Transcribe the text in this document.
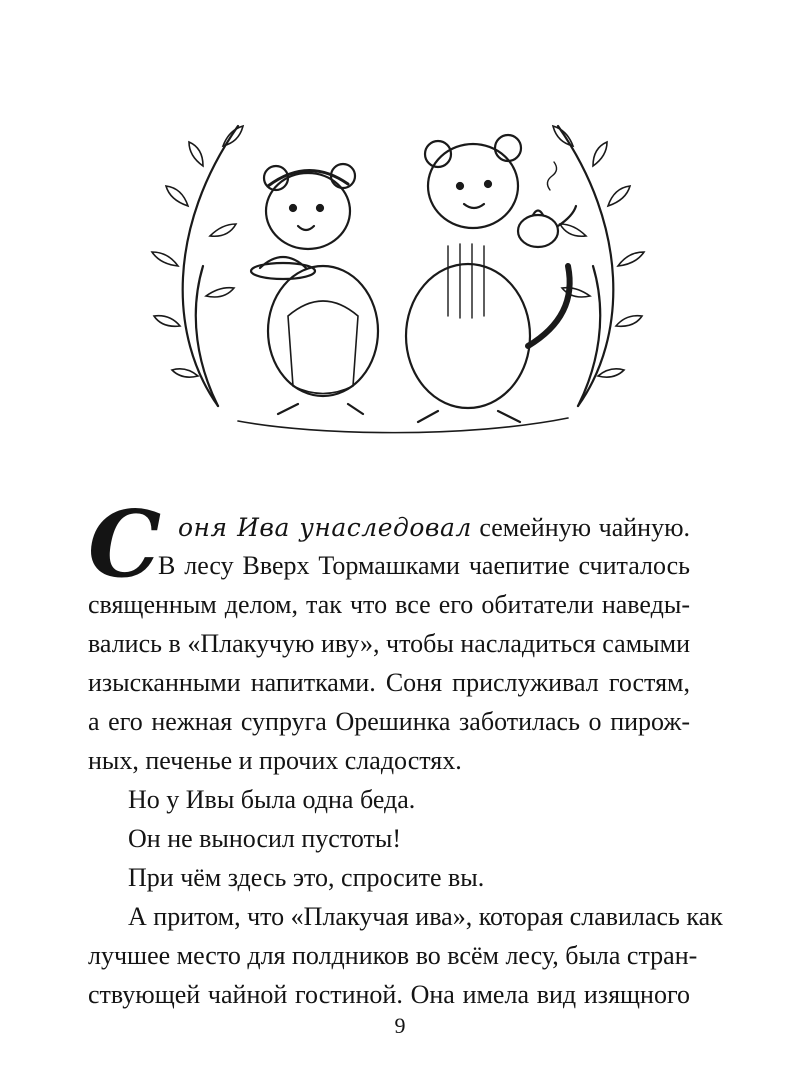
С оня Ива унаследовал семейную чайную.
В лесу Вверх Тормашками чаепитие считалось
священным делом, так что все его обитатели наведы-
вались в «Плакучую иву», чтобы насладиться самыми
изысканными напитками. Соня прислуживал гостям,
а его нежная супруга Орешинка заботилась о пирож-
ных, печенье и прочих сладостях.
Но у Ивы была одна беда.
Он не выносил пустоты!
При чём здесь это, спросите вы.
А притом, что «Плакучая ива», которая славилась как
лучшее место для полдников во всём лесу, была стран-
ствующей чайной гостиной. Она имела вид изящного
9
